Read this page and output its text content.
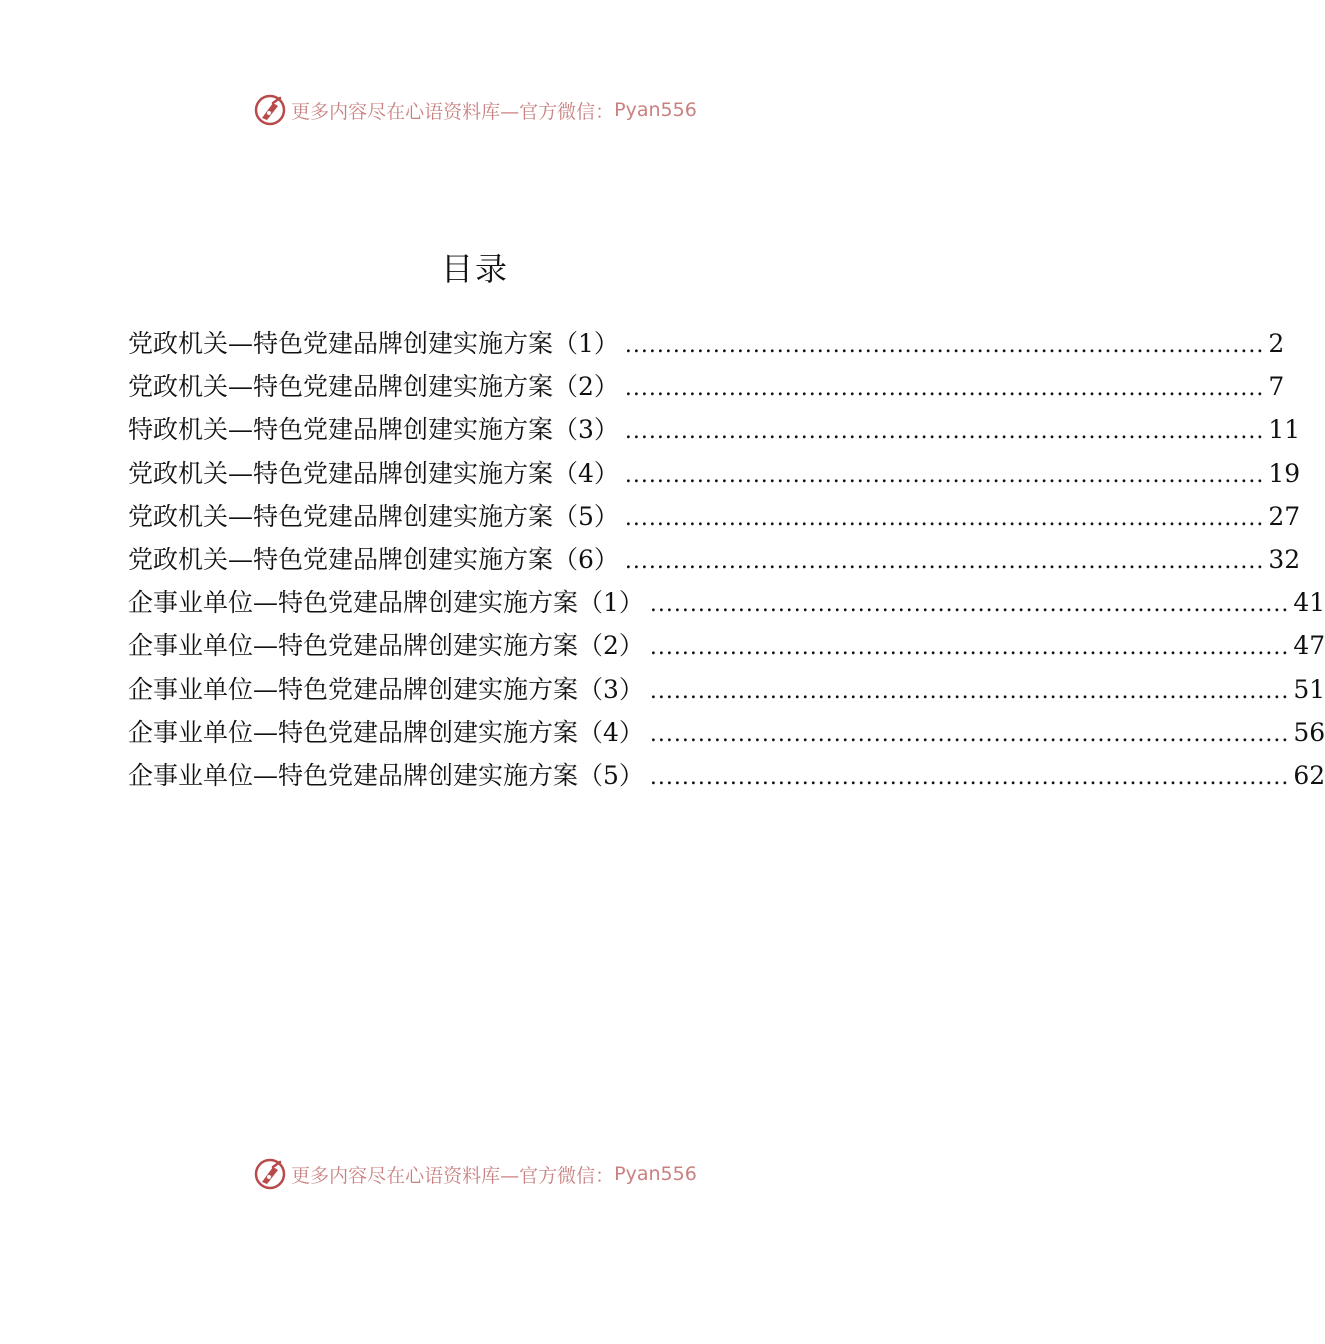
更多内容尽在心语资料库—官方微信： Pyan556
目录
党政机关—特色党建品牌创建实施方案（1） ................................................................................ 2
党政机关—特色党建品牌创建实施方案（2） ................................................................................ 7
特政机关—特色党建品牌创建实施方案（3） ................................................................................ 11
党政机关—特色党建品牌创建实施方案（4） ................................................................................ 19
党政机关—特色党建品牌创建实施方案（5） ................................................................................ 27
党政机关—特色党建品牌创建实施方案（6） ................................................................................ 32
企事业单位—特色党建品牌创建实施方案（1） ................................................................................ 41
企事业单位—特色党建品牌创建实施方案（2） ................................................................................ 47
企事业单位—特色党建品牌创建实施方案（3） ................................................................................ 51
企事业单位—特色党建品牌创建实施方案（4） ................................................................................ 56
企事业单位—特色党建品牌创建实施方案（5） ................................................................................ 62
更多内容尽在心语资料库—官方微信： Pyan556
